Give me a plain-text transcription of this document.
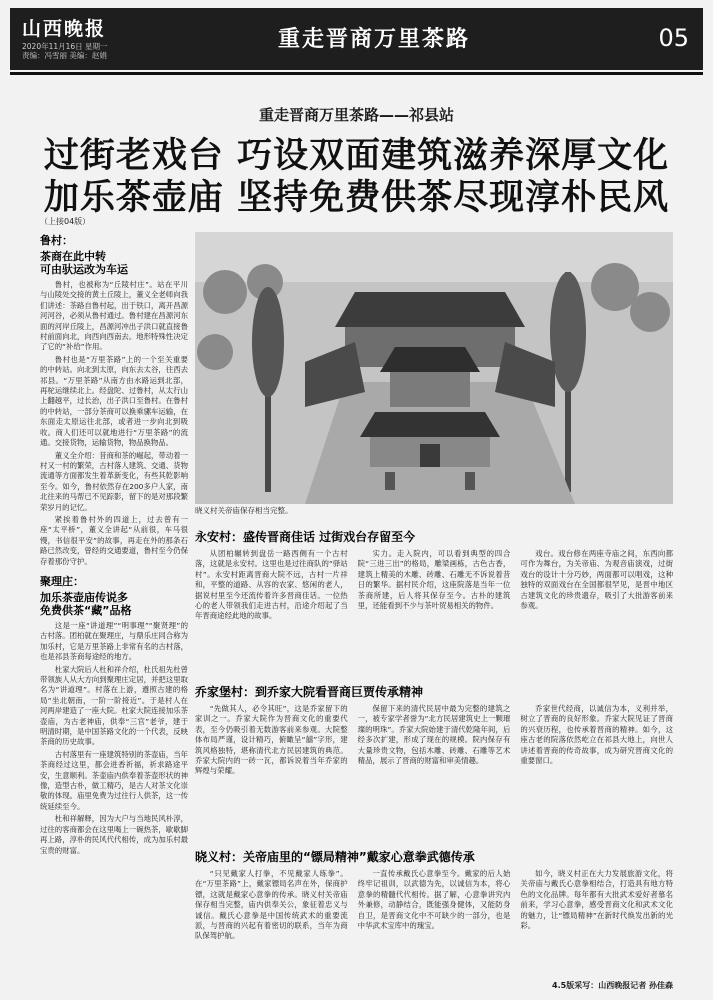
山西晚报
2020年11月16日 星期一
责编：冯雪丽 美编：赵娟
重走晋商万里茶路	05
重走晋商万里茶路——祁县站
过街老戏台 巧设双面建筑滋养深厚文化
加乐茶壶庙 坚持免费供茶尽现淳朴民风
（上接04版）
鲁村：
茶商在此中转
可由驮运改为车运

鲁村，也被称为“丘陵村庄”。站在平川与山陵处交接的黄土丘陵上，董义全老师向我们讲述：茶路自鲁村起，出于铁口，离开昌源河河谷，必须从鲁村通过。鲁村建在昌源河东面的河岸丘陵上，昌源河冲出子洪口就直接鲁村前面向北，向西向西南去。地形特殊性决定了它的“补给”作用。

鲁村也是“万里茶路”上的一个至关重要的中转站。向北到太原，向东去太谷，往西去祁县。“万里茶路”从南方由水路运到北部，再驼运继续北上。经盘陀、过鲁村，从太行山上翻越平，过长治，出子洪口至鲁村。在鲁村的中转站，一部分茶商可以换乘骡车运输，在东面走太原运往北部，或者进一步向北到吸收。商人们还可以就地进行“万里茶路”的流通。交接货物，运输货物，物品换物品。

董义全介绍：昔商和茶的崛起，带动着一村又一村的繁荣，古村落人建筑、交通、货物流通等方面都发生着革新变化，有些其乾影响至今。如今，鲁村依然存在200多户人家，南北往来的马帮已不见踪影，留下的是对那段繁荣岁月的记忆。

紧挨着鲁村外的四道上，过去曾有一座“太平桥”，董义全讲起“从前很，车马很慢，书信很平安”的故事，再走在外的那条石路已然改变，曾经的交通要道，鲁村至今仍保存着那份守护。

聚理庄：
加乐茶壶庙传说多
免费供茶“藏”品格

这是一座“讲道理”“明事理”“聚贤理”的古村落。团柏就在聚理庄，与鼎乐庄同合称为加乐村，它是万里茶路上非常有名的古村落，也是祁县茶商每途经的地方。

杜家大院后人杜和祥介绍，杜氏祖先杜曾带领族人从大方向到聚理庄定居，并把这里取名为“讲道理”。村落在上游，遵照古建的格局“坐北朝南，一阶一阶接近”。于是村人在河两岸建造了一座大院。杜家大院连接加乐茶壶庙，为古老神庙，供奉“三官”老爷，建于明清时期，是中国茶路文化的一个代表，反映茶商的历史故事。

古村落里有一座建筑特别的茶壶庙，当年茶商经过这里，都会进香祈福，祈求路途平安，生意顺利。茶壶庙内供奉着茶壶形状的神像，造型古朴，做工精巧，是古人对茶文化崇敬的体现。庙里免费为过往行人供茶，这一传统延续至今。

杜和祥解释，因为大户与当地民风朴淳，过往的客商都会在这里喝上一碗热茶，歇歇脚再上路，淳朴的民风代代相传，成为加乐村最宝贵的财富。

晓义村关帝庙保存相当完整。
永安村：盛传晋商佳话 过街戏台存留至今

从团柏辗转到盘岳一路西侧有一个古村落，这就是永安村。这里也是过往商队的“驿站村”。永安村距离晋商大院不远，古村一片祥和，平整的道路、从容的农家、悠闲的老人，据说村里至今还流传着许多晋商佳话。一位热心的老人带领我们走进古村，沿途介绍起了当年晋商途经此地的故事。

实力。走入院内，可以看到典型的四合院“三进三出”的格局，雕梁画栋，古色古香，建筑上精美的木雕、砖雕、石雕无不诉说着昔日的繁华。据村民介绍，这座院落是当年一位茶商所建，后人将其保存至今。古朴的建筑里，还能看到不少与茶叶贸易相关的物件。

戏台。戏台修在两座寺庙之间，东西向都可作为舞台，为关帝庙、为观音庙演戏，过街戏台的设计十分巧妙，两面都可以唱戏，这种独特的双面戏台在全国都很罕见，是晋中地区古建筑文化的珍贵遗存，吸引了大批游客前来参观。

乔家堡村：到乔家大院看晋商巨贾传承精神

“先做其人，必令其旺”，这是乔家留下的家训之一。乔家大院作为晋商文化的重要代表，至今仍吸引着无数游客前来参观。大院整体布局严谨，设计精巧，俯瞰呈“囍”字形，建筑风格独特，堪称清代北方民居建筑的典范。乔家大院内的一砖一瓦，都诉说着当年乔家的辉煌与荣耀。

保留下来的清代民居中最为完整的建筑之一，被专家学者誉为“北方民居建筑史上一颗璀璨的明珠”。乔家大院始建于清代乾隆年间，后经多次扩建，形成了现在的规模。院内保存有大量珍贵文物，包括木雕、砖雕、石雕等艺术精品，展示了晋商的财富和审美情趣。

乔家世代经商，以诚信为本，义利并举，树立了晋商的良好形象。乔家大院见证了晋商的兴衰历程，也传承着晋商的精神。如今，这座古老的院落依然屹立在祁县大地上，向世人讲述着晋商的传奇故事，成为研究晋商文化的重要窗口。

晓义村：关帝庙里的“镖局精神”戴家心意拳武德传承

“只见戴家人打拳，不见戴家人练拳”。在“万里茶路”上，戴家镖局名声在外，保商护镖，这就是戴家心意拳的传承。晓义村关帝庙保存相当完整，庙内供奉关公，象征着忠义与诚信。戴氏心意拳是中国传统武术的重要流派，与晋商的兴起有着密切的联系，当年为商队保驾护航。

一直传承戴氏心意拳至今。戴家的后人始终牢记祖训，以武德为先，以诚信为本，将心意拳的精髓代代相传。据了解，心意拳讲究内外兼修，动静结合，既能强身健体，又能防身自卫，是晋商文化中不可缺少的一部分，也是中华武术宝库中的瑰宝。

如今，晓义村正在大力发展旅游文化，将关帝庙与戴氏心意拳相结合，打造具有地方特色的文化品牌。每年都有大批武术爱好者慕名前来，学习心意拳，感受晋商文化和武术文化的魅力，让“镖局精神”在新时代焕发出新的光彩。

4.5版采写：山西晚报记者 孙佳森
